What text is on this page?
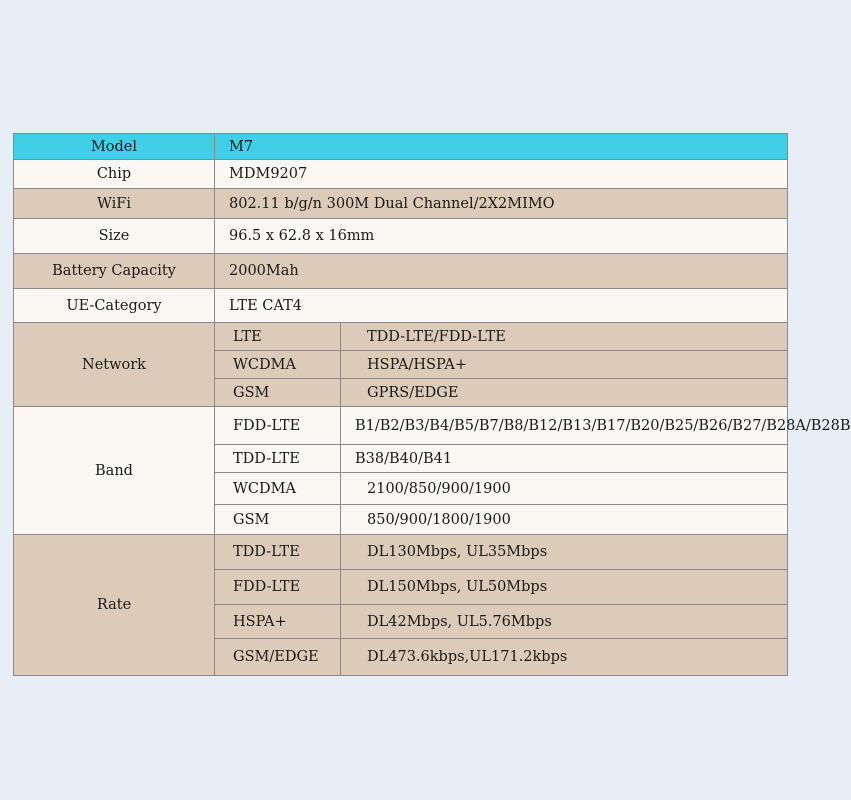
Model	M7	
Chip	MDM9207	
WiFi	802.11 b/g/n 300M Dual Channel/2X2MIMO	
Size	96.5 x 62.8 x 16mm	
Battery Capacity	2000Mah	
UE-Category	LTE CAT4	
Network	LTE	TDD-LTE/FDD-LTE
	WCDMA	HSPA/HSPA+
	GSM	GPRS/EDGE
Band	FDD-LTE	B1/B2/B3/B4/B5/B7/B8/B12/B13/B17/B20/B25/B26/B27/B28A/B28B
	TDD-LTE	B38/B40/B41
	WCDMA	2100/850/900/1900
	GSM	850/900/1800/1900
Rate	TDD-LTE	DL130Mbps, UL35Mbps
	FDD-LTE	DL150Mbps, UL50Mbps
	HSPA+	DL42Mbps, UL5.76Mbps
	GSM/EDGE	DL473.6kbps,UL171.2kbps
